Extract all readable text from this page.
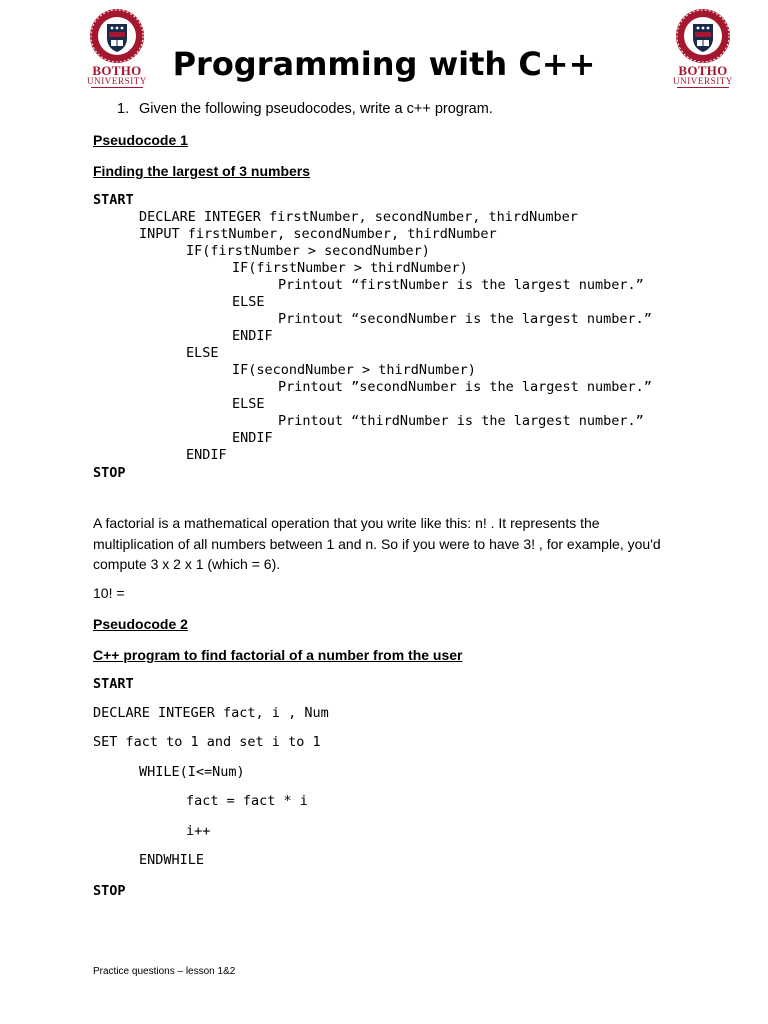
BOTHO
UNIVERSITY
BOTHO
UNIVERSITY
Programming with C++
1. Given the following pseudocodes, write a c++ program.
Pseudocode 1
Finding the largest of 3 numbers
START
DECLARE INTEGER firstNumber, secondNumber, thirdNumber
INPUT firstNumber, secondNumber, thirdNumber
IF(firstNumber > secondNumber)
IF(firstNumber > thirdNumber)
Printout “firstNumber is the largest number.”
ELSE
Printout “secondNumber is the largest number.”
ENDIF
ELSE
IF(secondNumber > thirdNumber)
Printout ”secondNumber is the largest number.”
ELSE
Printout “thirdNumber is the largest number.”
ENDIF
ENDIF
STOP
A factorial is a mathematical operation that you write like this: n! . It represents the multiplication of all numbers between 1 and n. So if you were to have 3! , for example, you'd compute 3 x 2 x 1 (which = 6).
10! =
Pseudocode 2
C++ program to find factorial of a number from the user
START
DECLARE INTEGER fact, i , Num
SET fact to 1 and set i to 1
WHILE(I<=Num)
fact = fact * i
i++
ENDWHILE
STOP
Practice questions – lesson 1&2
